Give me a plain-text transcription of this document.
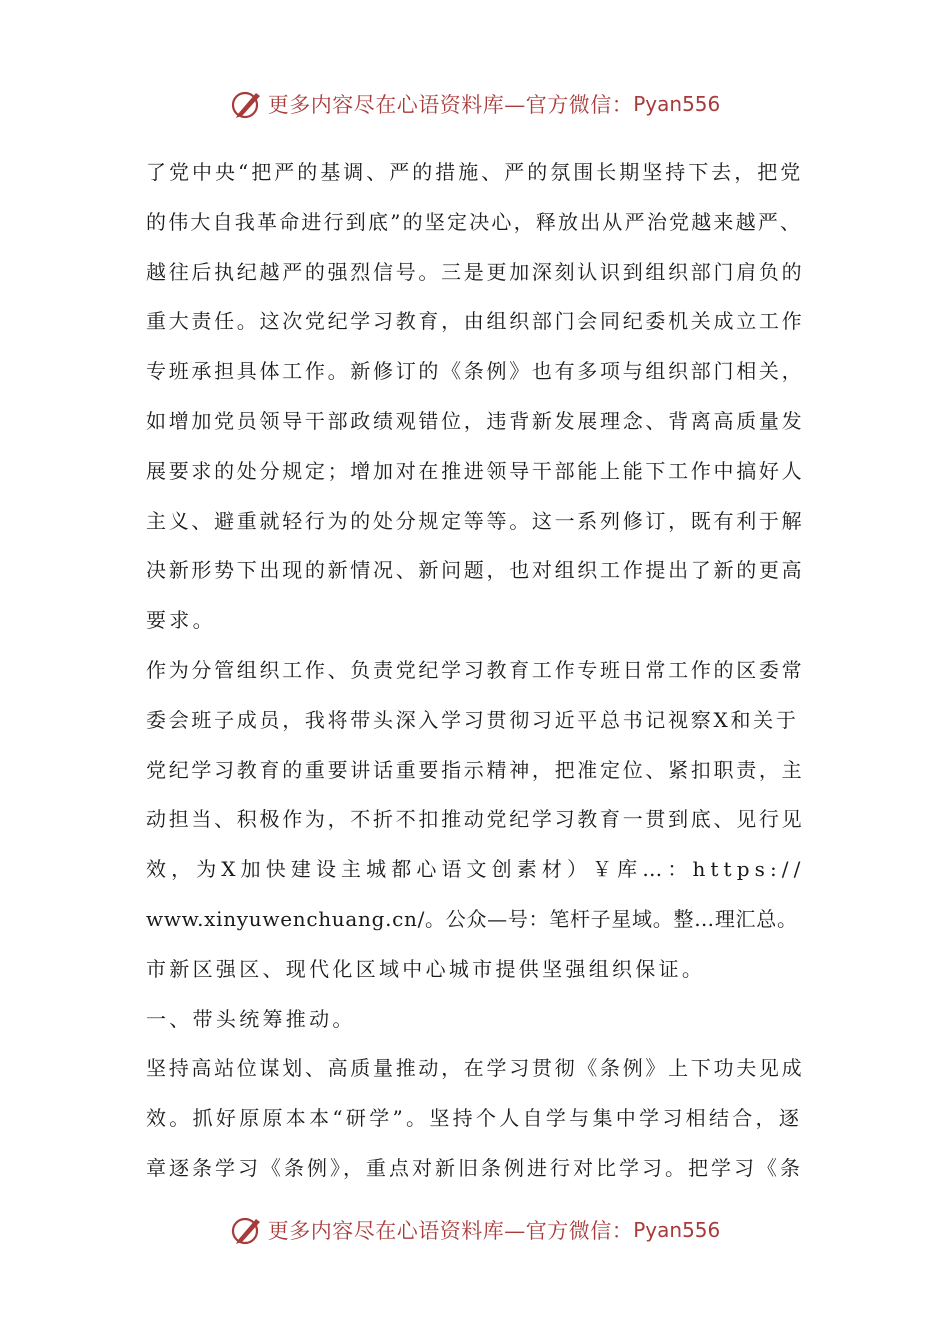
更多内容尽在心语资料库—官方微信： Pyan556
了党中央“把严的基调、严的措施、严的氛围长期坚持下去，把党
的伟大自我革命进行到底”的坚定决心，释放出从严治党越来越严、
越往后执纪越严的强烈信号。三是更加深刻认识到组织部门肩负的
重大责任。这次党纪学习教育，由组织部门会同纪委机关成立工作
专班承担具体工作。新修订的《条例》也有多项与组织部门相关，
如增加党员领导干部政绩观错位，违背新发展理念、背离高质量发
展要求的处分规定；增加对在推进领导干部能上能下工作中搞好人
主义、避重就轻行为的处分规定等等。这一系列修订，既有利于解
决新形势下出现的新情况、新问题，也对组织工作提出了新的更高
要求。
作为分管组织工作、负责党纪学习教育工作专班日常工作的区委常
委会班子成员，我将带头深入学习贯彻习近平总书记视察X和关于
党纪学习教育的重要讲话重要指示精神，把准定位、紧扣职责，主
动担当、积极作为，不折不扣推动党纪学习教育一贯到底、见行见
效，为X加快建设主城都心语文创素材）￥库…：https://
www.xinyuwenchuang.cn/。公众—号：笔杆子星域。整…理汇总。
市新区强区、现代化区域中心城市提供坚强组织保证。
一、带头统筹推动。
坚持高站位谋划、高质量推动，在学习贯彻《条例》上下功夫见成
效。抓好原原本本“研学”。坚持个人自学与集中学习相结合，逐
章逐条学习《条例》，重点对新旧条例进行对比学习。把学习《条
更多内容尽在心语资料库—官方微信： Pyan556
